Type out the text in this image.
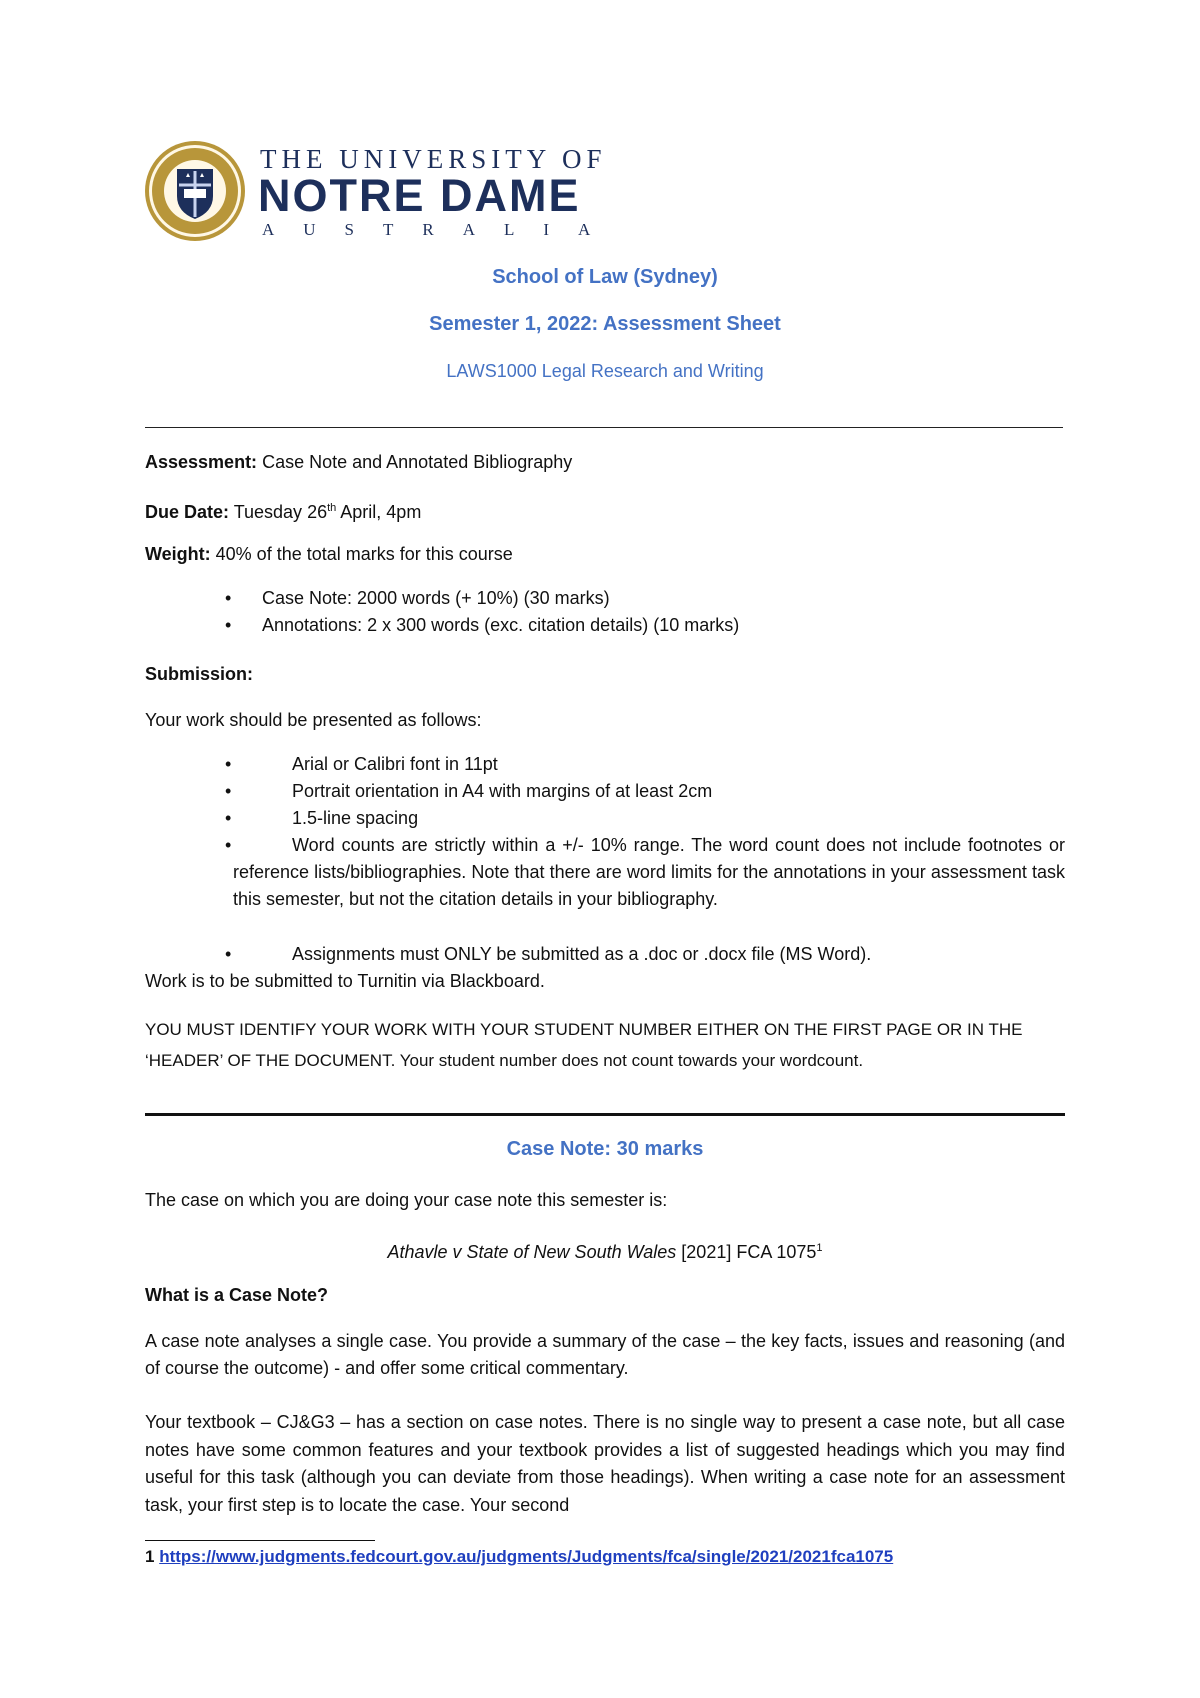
THE UNIVERSITY OF
NOTRE DAME
AUSTRALIA
School of Law (Sydney)
Semester 1, 2022: Assessment Sheet
LAWS1000 Legal Research and Writing
Assessment: Case Note and Annotated Bibliography
Due Date: Tuesday 26th April, 4pm
Weight: 40% of the total marks for this course
• Case Note: 2000 words (+ 10%) (30 marks)
• Annotations: 2 x 300 words (exc. citation details) (10 marks)
Submission:
Your work should be presented as follows:
•	Arial or Calibri font in 11pt
•	Portrait orientation in A4 with margins of at least 2cm
•	1.5-line spacing
•	Word counts are strictly within a +/- 10% range. The word count does not include footnotes or reference lists/bibliographies. Note that there are word limits for the annotations in your assessment task this semester, but not the citation details in your bibliography.
•	Assignments must ONLY be submitted as a .doc or .docx file (MS Word).
Work is to be submitted to Turnitin via Blackboard.
YOU MUST IDENTIFY YOUR WORK WITH YOUR STUDENT NUMBER EITHER ON THE FIRST PAGE OR IN THE ‘HEADER’ OF THE DOCUMENT. Your student number does not count towards your wordcount.
Case Note: 30 marks
The case on which you are doing your case note this semester is:
Athavle v State of New South Wales [2021] FCA 1075$^1$
What is a Case Note?
A case note analyses a single case. You provide a summary of the case – the key facts, issues and reasoning (and of course the outcome) - and offer some critical commentary.
Your textbook – CJ&G3 – has a section on case notes. There is no single way to present a case note, but all case notes have some common features and your textbook provides a list of suggested headings which you may find useful for this task (although you can deviate from those headings). When writing a case note for an assessment task, your first step is to locate the case. Your second
1 https://www.judgments.fedcourt.gov.au/judgments/Judgments/fca/single/2021/2021fca1075
